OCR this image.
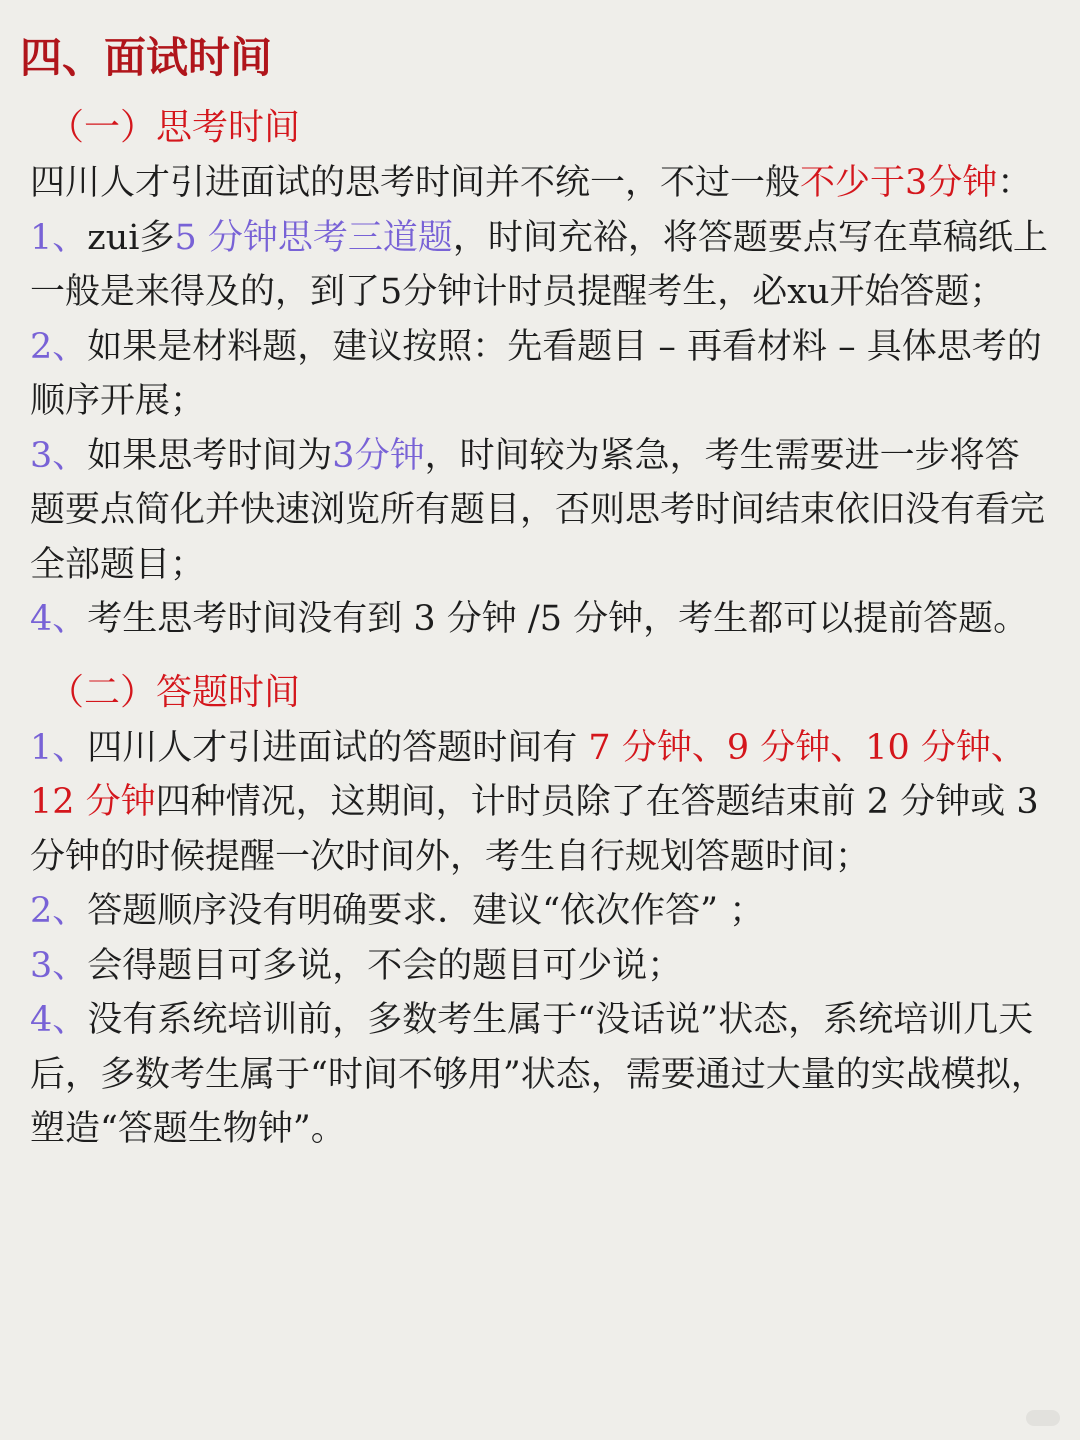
四、面试时间
（一）思考时间

四川人才引进面试的思考时间并不统一，不过一般不少于3分钟：

1、zui多5 分钟思考三道题，时间充裕，将答题要点写在草稿纸上一般是来得及的，到了5分钟计时员提醒考生，必xu开始答题；

2、如果是材料题，建议按照：先看题目 – 再看材料 – 具体思考的顺序开展；

3、如果思考时间为3分钟，时间较为紧急，考生需要进一步将答题要点简化并快速浏览所有题目，否则思考时间结束依旧没有看完全部题目；

4、考生思考时间没有到 3 分钟 /5 分钟，考生都可以提前答题。

（二）答题时间

1、四川人才引进面试的答题时间有 7 分钟、9 分钟、10 分钟、12 分钟四种情况，这期间，计时员除了在答题结束前 2 分钟或 3 分钟的时候提醒一次时间外，考生自行规划答题时间；

2、答题顺序没有明确要求．建议“依次作答” ；

3、会得题目可多说，不会的题目可少说；

4、没有系统培训前，多数考生属于“没话说”状态，系统培训几天后，多数考生属于“时间不够用”状态，需要通过大量的实战模拟，塑造“答题生物钟”。
